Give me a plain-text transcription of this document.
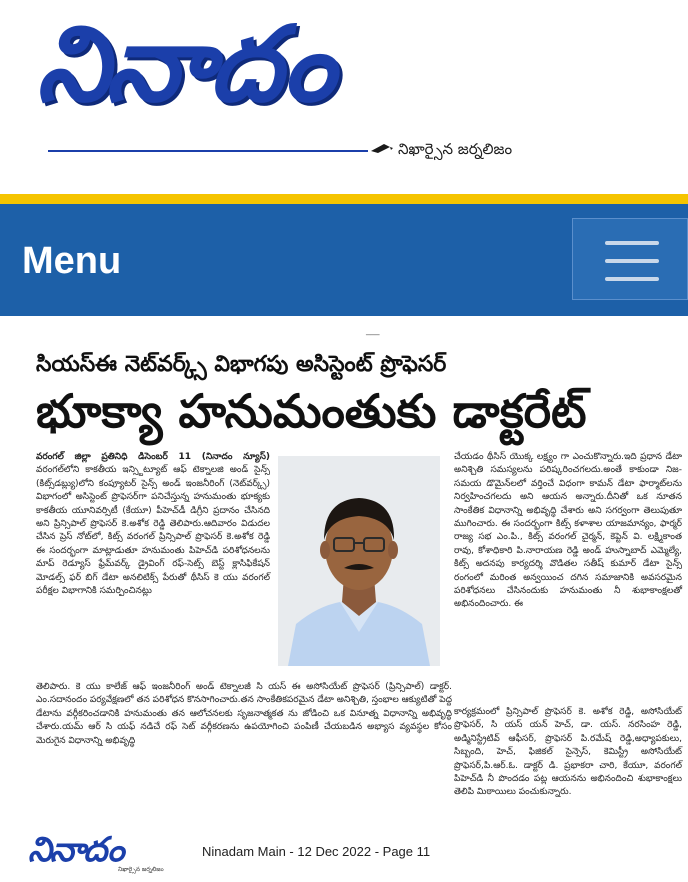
నినాదం
నిఖార్సైన జర్నలిజం
Menu
___
సియస్‌ఈ నెట్‌వర్క్స్ విభాగపు అసిస్టెంట్ ప్రొఫెసర్
భూక్యా హనుమంతుకు డాక్టరేట్

వరంగల్ జిల్లా ప్రతినిధి డిసెంబర్ 11 (నినాదం న్యూస్) వరంగల్‌లోని కాకతీయ ఇన్స్టిట్యూట్ ఆఫ్ టెక్నాలజి అండ్ సైన్స్ (కిట్స్‌డబ్ల్యు)లోని కంప్యూటర్ సైన్స్ అండ్ ఇంజనీరింగ్ (నెట్‌వర్క్స్) విభాగంలో అసిస్టెంట్ ప్రొఫెసర్‌గా పనిచేస్తున్న హనుమంతు భూక్యకు కాకతీయ యూనివర్సిటీ (కేయూ) పీహెచ్‌డీ డిగ్రీని ప్రదానం చేసినది అని ప్రిన్సిపాల్ ప్రొఫెసర్ కె.అశోక రెడ్డి తెలిపారు.ఆదివారం విడుదల చేసిన ప్రెస్ నోట్‌లో, కిట్స్ వరంగల్ ప్రిన్సిపాల్ ప్రొఫెసర్ కె.అశోక రెడ్డి ఈ సందర్భంగా మాట్లాడుతూ హనుమంతు పిహెచ్‌డి పరిశోధనలను మాప్ రెడ్యూస్ ఫ్రేమ్‌వర్క్ డ్రైవింగ్ రఫ్-సెట్స్ బెస్ట్ క్లాసిఫికేషన్ మోడల్స్ ఫర్ బిగ్ డేటా అనలిటిక్స్ పేరుతో థీసిస్ కె యు వరంగల్ పరీక్షల విభాగానికి సమర్పించినట్లు

చేయడం థీసిస్ యొక్క లక్ష్యం గా ఎంచుకొన్నారు.ఇది ప్రధాన డేటా అనిశ్చితి సమస్యలను పరిష్కరించగలదు.అంతే కాకుండా నిజ-సమయ డొమైన్‌లలో వర్తించే విధంగా కామన్ డేటా ఫార్మాట్‌లను నిర్వహించగలదు అని ఆయన అన్నారు.దీనితో ఒక నూతన సాంకేతిక విధానాన్ని అభివృద్ధి చేశారు అని సగర్వంగా తెలుపుతూ ముగించారు. ఈ సందర్భంగా కిట్స్ కళాశాల యాజమాన్యం, ఫార్మర్ రాజ్య సభ ఎం.పి., కిట్స్ వరంగల్ చైర్మన్, కెప్టెన్ వి. లక్ష్మికాంత రావు, కోశాధికారి పి.నారాయణ రెడ్డి అండ్ హుస్నాబాద్ ఎమ్మెల్యే, కిట్స్ అదనపు కార్యదర్శి వొడితల సతీష్ కుమార్ డేటా సైన్స్ రంగంలో మరింత అన్వయించ దగిన సమాజానికి అవసరమైన పరిశోధనలు చేసినందుకు హనుమంతు నీ శుభాకాంక్షలతో అభినందించారు. ఈ

తెలిపారు. కె యు కాలేజ్ ఆఫ్ ఇంజనీరింగ్ అండ్ టెక్నాలజీ సి యస్ ఈ అసోసియేట్ ప్రొఫెసర్ (ప్రిన్సిపాల్) డాక్టర్. ఎం.సదానందం పర్యవేక్షణలో తన పరిశోధన కొనసాగించారు.తన సాంకేతికపరమైన డేటా అనిశ్చితి, స్తంభాల ఆక్యుటితో పెద్ద డేటాను వర్గీకరించడానికి హనుమంతు తన ఆలోచనలకు సృజనాత్మకత ను జోడించి ఒక వినూత్న విధానాన్ని అభివృద్ధి చేశారు.యమ్ ఆర్ సి యఫ్ నడిచే రఫ్ సెట్ వర్గీకరణను ఉపయోగించి పంపిణీ చేయబడిన అభ్యాస వ్యవస్థల కోసం మెరుగైన విధానాన్ని అభివృద్ధి

కార్యక్రమంలో ప్రిన్సిపాల్ ప్రొఫెసర్ కె. అశోక రెడ్డి, అసోసియేట్ ప్రొఫెసర్, సి యస్ యన్ హెచ్, డా. యస్. నరసింహ రెడ్డి, అడ్మినిస్ట్రేటివ్ ఆఫీసర్, ప్రొఫెసర్ పి.రమేష్ రెడ్డి,అధ్యాపకులు, సిబ్బంది, హెచ్, ఫిజికల్ సైన్సెస్, కెమిస్ట్రీ అసోసియేట్ ప్రొఫెసర్,పి.ఆర్.ఓ. డాక్టర్ డి. ప్రభాకరా చారి, కేయూ, వరంగల్ పిహెచ్‌డి నీ పొందడం పట్ల ఆయనను అభినందించి శుభాకాంక్షలు తెలిపి మిఠాయిలు పంచుకున్నారు.

నినాదం
నిఖార్సైన జర్నలిజం
Ninadam Main - 12 Dec 2022 - Page 11
